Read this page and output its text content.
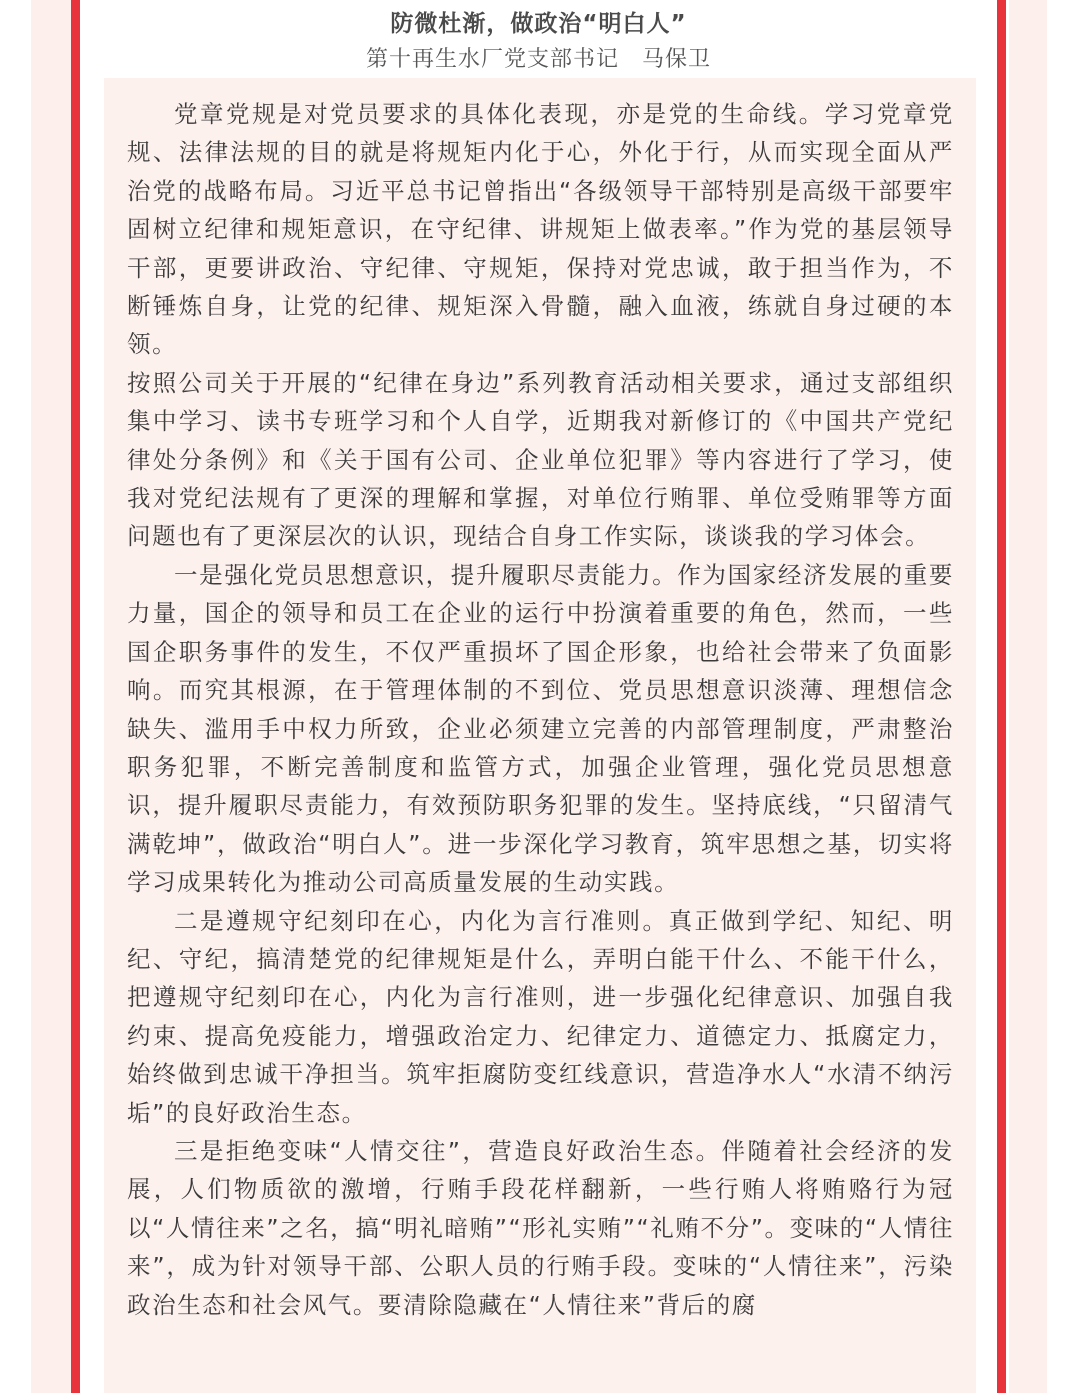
防微杜渐，做政治“明白人”
第十再生水厂党支部书记　马保卫

党章党规是对党员要求的具体化表现，亦是党的生命线。学习党章党规、法律法规的目的就是将规矩内化于心，外化于行，从而实现全面从严治党的战略布局。习近平总书记曾指出“各级领导干部特别是高级干部要牢固树立纪律和规矩意识，在守纪律、讲规矩上做表率。”作为党的基层领导干部，更要讲政治、守纪律、守规矩，保持对党忠诚，敢于担当作为，不断锤炼自身，让党的纪律、规矩深入骨髓，融入血液，练就自身过硬的本领。

按照公司关于开展的“纪律在身边”系列教育活动相关要求，通过支部组织集中学习、读书专班学习和个人自学，近期我对新修订的《中国共产党纪律处分条例》和《关于国有公司、企业单位犯罪》等内容进行了学习，使我对党纪法规有了更深的理解和掌握，对单位行贿罪、单位受贿罪等方面问题也有了更深层次的认识，现结合自身工作实际，谈谈我的学习体会。

一是强化党员思想意识，提升履职尽责能力。作为国家经济发展的重要力量，国企的领导和员工在企业的运行中扮演着重要的角色，然而，一些国企职务事件的发生，不仅严重损坏了国企形象，也给社会带来了负面影响。而究其根源，在于管理体制的不到位、党员思想意识淡薄、理想信念缺失、滥用手中权力所致，企业必须建立完善的内部管理制度，严肃整治职务犯罪，不断完善制度和监管方式，加强企业管理，强化党员思想意识，提升履职尽责能力，有效预防职务犯罪的发生。坚持底线，“只留清气满乾坤”，做政治“明白人”。进一步深化学习教育，筑牢思想之基，切实将学习成果转化为推动公司高质量发展的生动实践。

二是遵规守纪刻印在心，内化为言行准则。真正做到学纪、知纪、明纪、守纪，搞清楚党的纪律规矩是什么，弄明白能干什么、不能干什么，把遵规守纪刻印在心，内化为言行准则，进一步强化纪律意识、加强自我约束、提高免疫能力，增强政治定力、纪律定力、道德定力、抵腐定力，始终做到忠诚干净担当。筑牢拒腐防变红线意识，营造净水人“水清不纳污垢”的良好政治生态。

三是拒绝变味“人情交往”，营造良好政治生态。伴随着社会经济的发展，人们物质欲的激增，行贿手段花样翻新，一些行贿人将贿赂行为冠以“人情往来”之名，搞“明礼暗贿”“形礼实贿”“礼贿不分”。变味的“人情往来”，成为针对领导干部、公职人员的行贿手段。变味的“人情往来”，污染政治生态和社会风气。要清除隐藏在“人情往来”背后的腐
